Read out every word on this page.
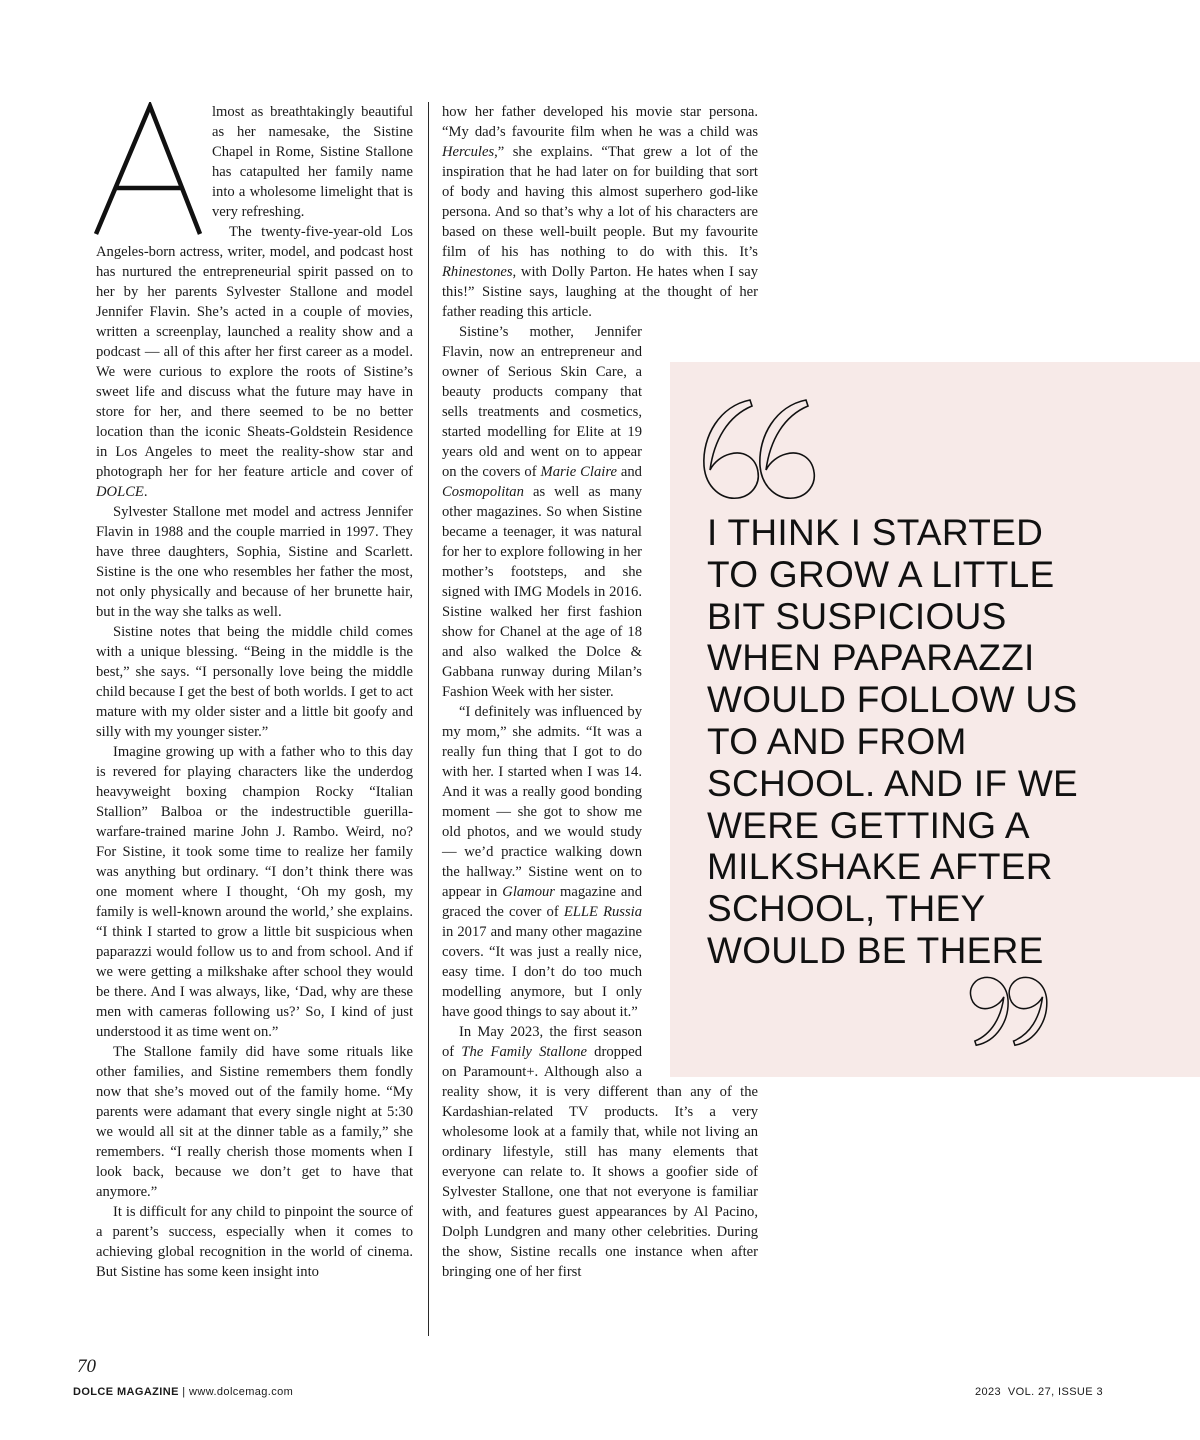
lmost as breathtakingly beautiful as her namesake, the Sistine Chapel in Rome, Sistine Stallone has catapulted her family name into a wholesome limelight that is very refreshing.

The twenty-five-year-old Los Angeles-born actress, writer, model, and podcast host has nurtured the entrepreneurial spirit passed on to her by her parents Sylvester Stallone and model Jennifer Flavin. She’s acted in a couple of movies, written a screenplay, launched a reality show and a podcast — all of this after her first career as a model. We were curious to explore the roots of Sistine’s sweet life and discuss what the future may have in store for her, and there seemed to be no better location than the iconic Sheats-Goldstein Residence in Los Angeles to meet the reality-show star and photograph her for her feature article and cover of DOLCE.

Sylvester Stallone met model and actress Jennifer Flavin in 1988 and the couple married in 1997. They have three daughters, Sophia, Sistine and Scarlett. Sistine is the one who resembles her father the most, not only physically and because of her brunette hair, but in the way she talks as well.

Sistine notes that being the middle child comes with a unique blessing. “Being in the middle is the best,” she says. “I personally love being the middle child because I get the best of both worlds. I get to act mature with my older sister and a little bit goofy and silly with my younger sister.”

Imagine growing up with a father who to this day is revered for playing characters like the underdog heavyweight boxing champion Rocky “Italian Stallion” Balboa or the indestructible guerilla-warfare-trained marine John J. Rambo. Weird, no? For Sistine, it took some time to realize her family was anything but ordinary. “I don’t think there was one moment where I thought, ‘Oh my gosh, my family is well-known around the world,’ she explains. “I think I started to grow a little bit suspicious when paparazzi would follow us to and from school. And if we were getting a milkshake after school they would be there. And I was always, like, ‘Dad, why are these men with cameras following us?’ So, I kind of just understood it as time went on.”

The Stallone family did have some rituals like other families, and Sistine remembers them fondly now that she’s moved out of the family home. “My parents were adamant that every single night at 5:30 we would all sit at the dinner table as a family,” she remembers. “I really cherish those moments when I look back, because we don’t get to have that anymore.”

It is difficult for any child to pinpoint the source of a parent’s success, especially when it comes to achieving global recognition in the world of cinema. But Sistine has some keen insight into

how her father developed his movie star persona. “My dad’s favourite film when he was a child was Hercules,” she explains. “That grew a lot of the inspiration that he had later on for building that sort of body and having this almost superhero god-like persona. And so that’s why a lot of his characters are based on these well-built people. But my favourite film of his has nothing to do with this. It’s Rhinestones, with Dolly Parton. He hates when I say this!” Sistine says, laughing at the thought of her father reading this article.

Sistine’s mother, Jennifer Flavin, now an entrepreneur and owner of Serious Skin Care, a beauty products company that sells treatments and cosmetics, started modelling for Elite at 19 years old and went on to appear on the covers of Marie Claire and Cosmopolitan as well as many other magazines. So when Sistine became a teenager, it was natural for her to explore following in her mother’s footsteps, and she signed with IMG Models in 2016. Sistine walked her first fashion show for Chanel at the age of 18 and also walked the Dolce & Gabbana runway during Milan’s Fashion Week with her sister.

“I definitely was influenced by my mom,” she admits. “It was a really fun thing that I got to do with her. I started when I was 14. And it was a really good bonding moment — she got to show me old photos, and we would study — we’d practice walking down the hallway.” Sistine went on to appear in Glamour magazine and graced the cover of ELLE Russia in 2017 and many other magazine covers. “It was just a really nice, easy time. I don’t do too much modelling anymore, but I only have good things to say about it.”

In May 2023, the first season of The Family Stallone dropped on Paramount+. Although also a reality show, it is very different than any of the Kardashian-related TV products. It’s a very wholesome look at a family that, while not living an ordinary lifestyle, still has many elements that everyone can relate to. It shows a goofier side of Sylvester Stallone, one that not everyone is familiar with, and features guest appearances by Al Pacino, Dolph Lundgren and many other celebrities. During the show, Sistine recalls one instance when after bringing one of her first

I THINK I STARTED TO GROW A LITTLE BIT SUSPICIOUS WHEN PAPARAZZI WOULD FOLLOW US TO AND FROM SCHOOL. AND IF WE WERE GETTING A MILKSHAKE AFTER SCHOOL, THEY WOULD BE THERE

70
DOLCE MAGAZINE | www.dolcemag.com	2023  VOL. 27, ISSUE 3
